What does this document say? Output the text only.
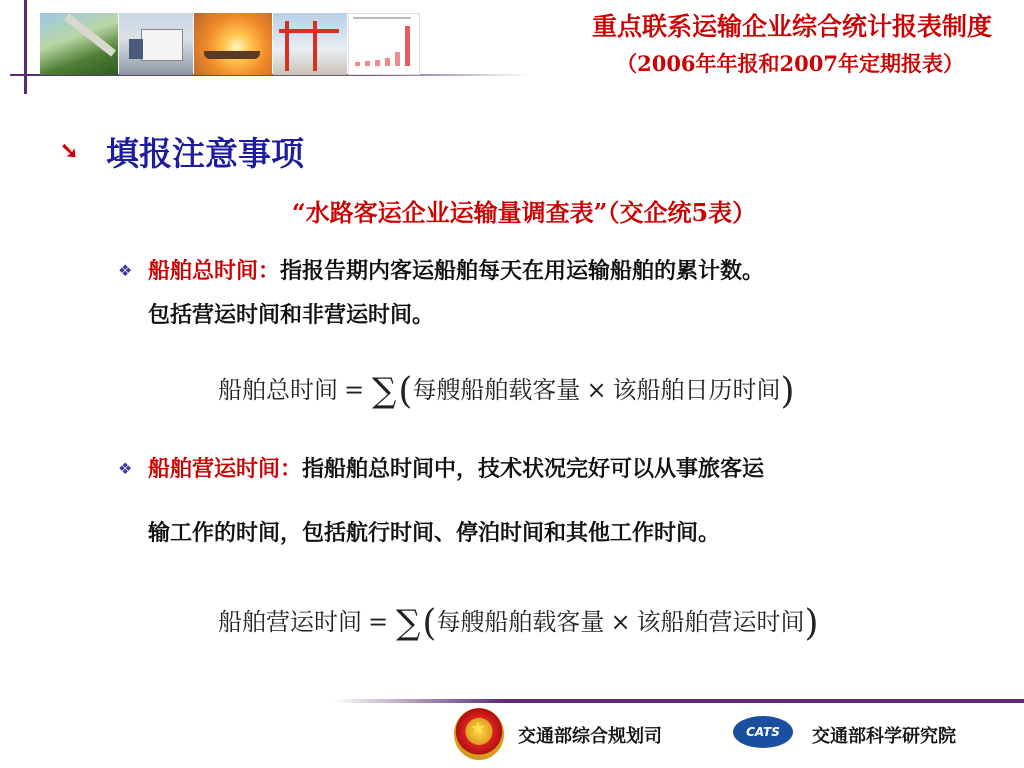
重点联系运输企业综合统计报表制度
（2006年年报和2007年定期报表）
➘ 填报注意事项
“水路客运企业运输量调查表”（交企统5表）
❖ 船舶总时间：指报告期内客运船舶每天在用运输船舶的累计数。
包括营运时间和非营运时间。
船舶总时间 = ∑(每艘船舶载客量 × 该船舶日历时间)
❖ 船舶营运时间：指船舶总时间中，技术状况完好可以从事旅客运
输工作的时间，包括航行时间、停泊时间和其他工作时间。
船舶营运时间 = ∑(每艘船舶载客量 × 该船舶营运时间)
★ 交通部综合规划司	CATS	交通部科学研究院
